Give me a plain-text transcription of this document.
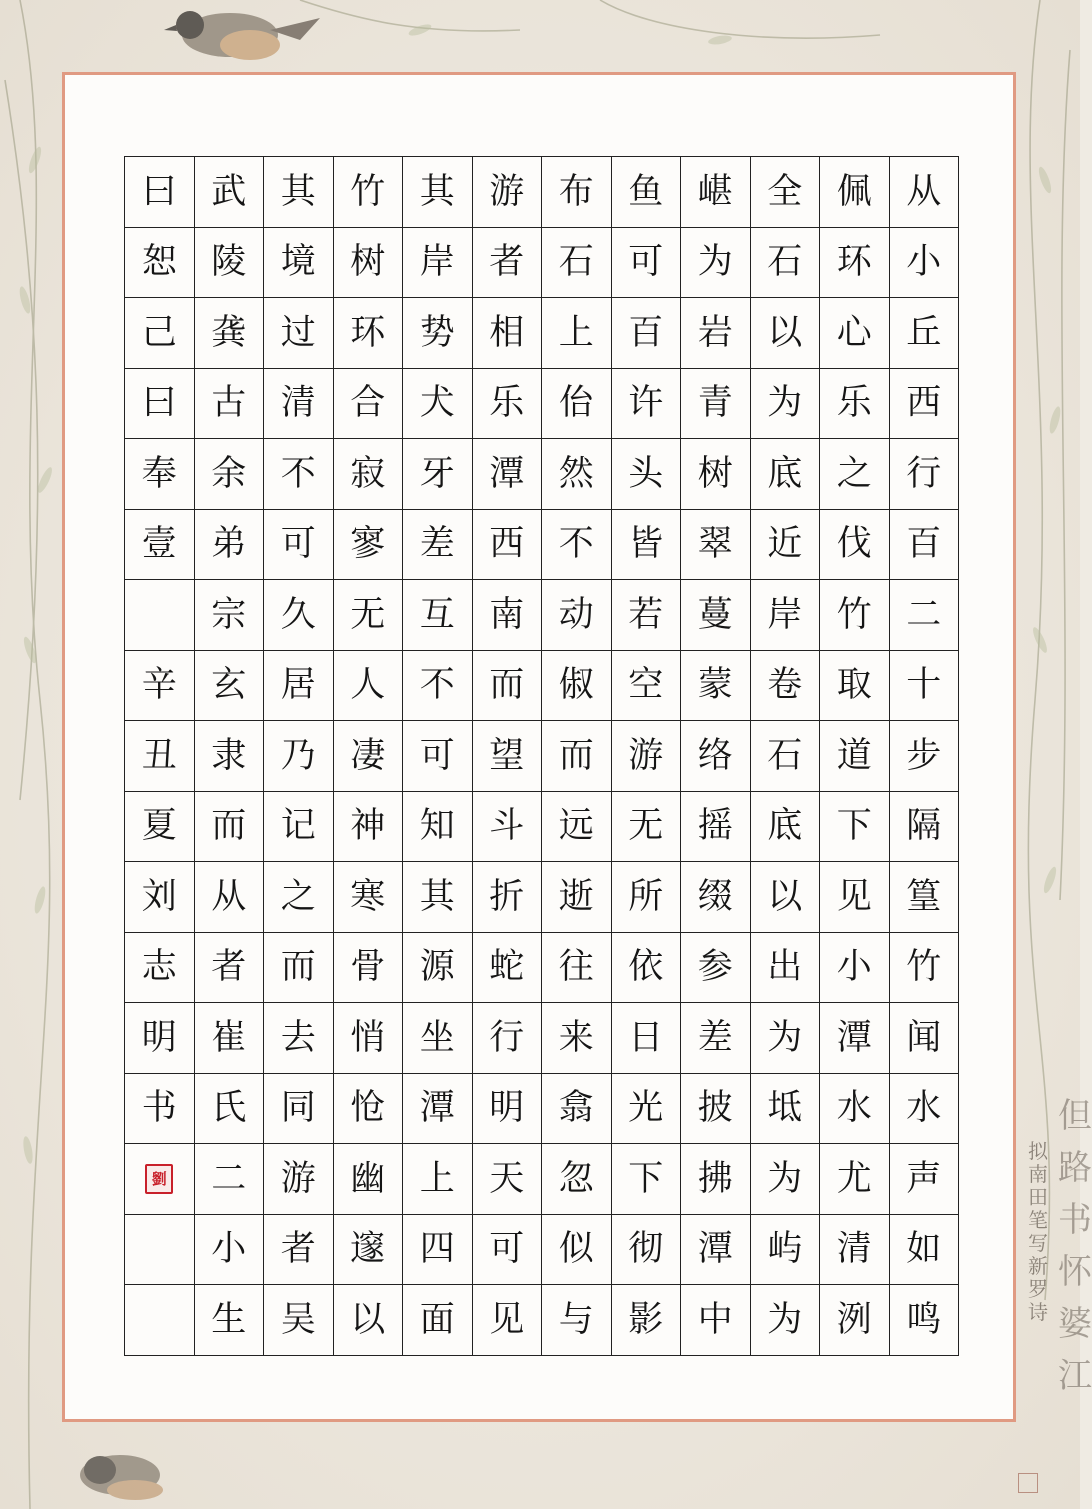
拟南田笔写新罗诗
但路书怀婆江
曰	武	其	竹	其	游	布	鱼	嵁	全	佩	从
恕	陵	境	树	岸	者	石	可	为	石	环	小
己	龚	过	环	势	相	上	百	岩	以	心	丘
曰	古	清	合	犬	乐	佁	许	青	为	乐	西
奉	余	不	寂	牙	潭	然	头	树	底	之	行
壹	弟	可	寥	差	西	不	皆	翠	近	伐	百
	宗	久	无	互	南	动	若	蔓	岸	竹	二
辛	玄	居	人	不	而	俶	空	蒙	卷	取	十
丑	隶	乃	凄	可	望	而	游	络	石	道	步
夏	而	记	神	知	斗	远	无	摇	底	下	隔
刘	从	之	寒	其	折	逝	所	缀	以	见	篁
志	者	而	骨	源	蛇	往	依	参	出	小	竹
明	崔	去	悄	坐	行	来	日	差	为	潭	闻
书	氏	同	怆	潭	明	翕	光	披	坻	水	水
劉	二	游	幽	上	天	忽	下	拂	为	尤	声
	小	者	邃	四	可	似	彻	潭	屿	清	如
	生	吴	以	面	见	与	影	中	为	洌	鸣
